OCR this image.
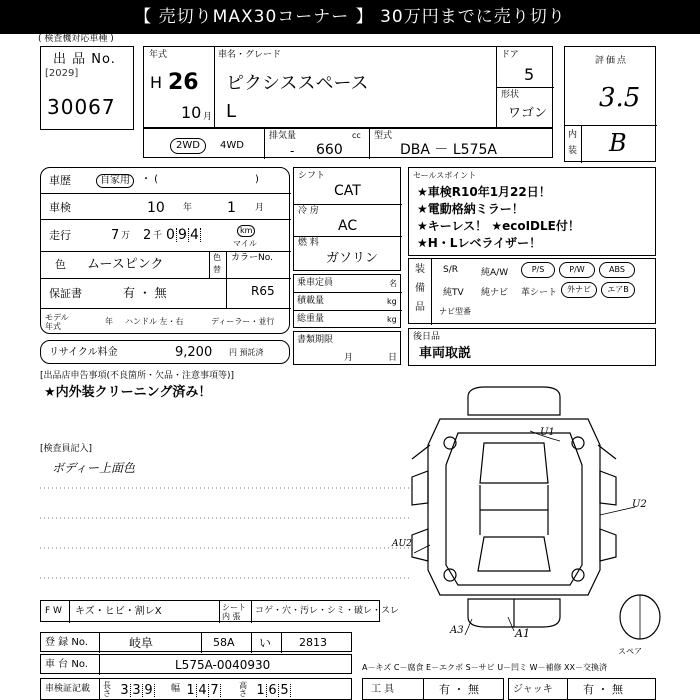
【 売切りMAX30コーナー 】 30万円までに売り切り
( 検査機対応車種 )
出 品 No.
[2029]
30067
年式
H 26
10 月
車名・グレード
ピクシススペース
L
ドア
5
形状
ワゴン
2WD	4WD
排気量	cc
- 660
型式
DBA － L575A
評価点
3.5
内
装 B
車歴	自家用	・ (	)
車検	10 年 1 月
走行	7 万 2 千 0 9 4	km
マイル
色 ムースピンク	色
替
カラーNo.
R65
保証書	有 ・ 無
モデル年式
年 ハンドル 左・右	ディーラー・並行
リサイクル料金	9,200 円 預託済
シフト
CAT
冷 房
AC
燃 料
ガソリン
乗車定員	名
積載量	kg
総重量	kg
書類期限
月	日
セールスポイント
★車検R10年1月22日！
★電動格納ミラー！
★キーレス！ ★ecoIDLE付！
★H・Lレベライザー！
装
備
品
S/R	純A/W	P/S	P/W	ABS
純TV 純ナビ 革シート	外ナビ	エアB
ナビ型番
後日品
車両取説
[出品店申告事項(不良箇所・欠品・注意事項等)]
★内外装クリーニング済み！
[検査員記入]
ボディー上面色
U1
U2
AU2
A3	A1
スペア
F W キズ・ヒビ・割レX	シート内 張
コゲ・穴・汚レ・シミ・破レ・スレ
登 録 No.	岐阜	58A い	2813
車 台 No.	L575A-0040930
車検証記載 長さ 3 3 9 幅 1 4 7	高さ 1 6 5
A－キズ C－腐食 E－エクボ S－サビ U－凹ミ W－補修 XX－交換済
工 具	有 ・ 無	ジャッキ	有 ・ 無
